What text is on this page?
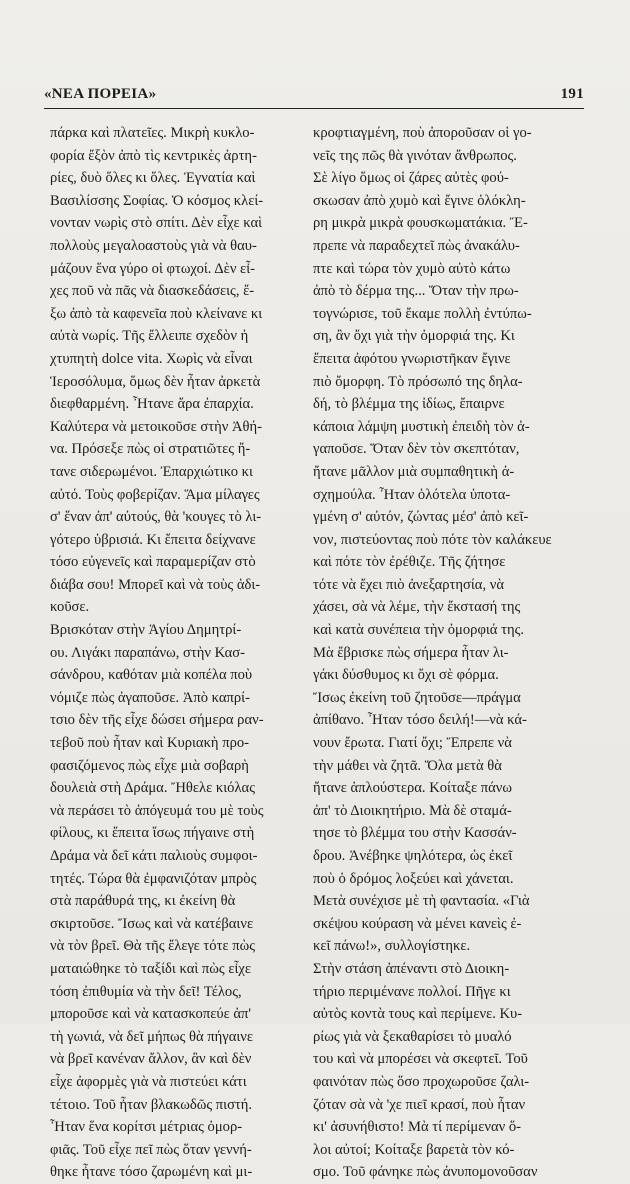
«ΝΕΑ ΠΟΡΕΙΑ»	191
πάρκα καὶ πλατεῖες. Μικρὴ κυκλο-
φορία ἔξὸν ἀπὸ τὶς κεντρικὲς ἀρτη-
ρίες, δυὸ ὅλες κι ὅλες. Ἐγνατία καὶ
Βασιλίσσης Σοφίας. Ὁ κόσμος κλεί-
νονταν νωρὶς στὸ σπίτι. Δὲν εἶχε καὶ
πολλοὺς μεγαλοαστοὺς γιὰ νὰ θαυ-
μάζουν ἕνα γύρο οἱ φτωχοί. Δὲν εἶ-
χες ποῦ νὰ πᾶς νὰ διασκεδάσεις, ἔ-
ξω ἀπὸ τὰ καφενεῖα ποὺ κλείνανε κι
αὐτὰ νωρίς. Τῆς ἔλλειπε σχεδὸν ἡ
χτυπητὴ dolce vita. Χωρὶς νὰ εἶναι
Ἱεροσόλυμα, ὅμως δὲν ἦταν ἀρκετὰ
διεφθαρμένη. Ἦτανε ἄρα ἐπαρχία.
Καλύτερα νὰ μετοικοῦσε στὴν Ἀθή-
να. Πρόσεξε πὼς οἱ στρατιῶτες ἤ-
τανε σιδερωμένοι. Ἐπαρχιώτικο κι
αὐτό. Τοὺς φοβερίζαν. Ἅμα μίλαγες
σ' ἕναν ἀπ' αὐτούς, θὰ 'κουγες τὸ λι-
γότερο ὑβρισιά. Κι ἔπειτα δείχνανε
τόσο εὐγενεῖς καὶ παραμερίζαν στὸ
διάβα σου! Μπορεῖ καὶ νὰ τοὺς ἀδι-
κοῦσε.
Βρισκόταν στὴν Ἁγίου Δημητρί-
ου. Λιγάκι παραπάνω, στὴν Κασ-
σάνδρου, καθόταν μιὰ κοπέλα ποὺ
νόμιζε πὼς ἀγαποῦσε. Ἀπὸ καπρί-
τσιο δὲν τῆς εἶχε δώσει σήμερα ραν-
τεβοῦ ποὺ ἦταν καὶ Κυριακὴ προ-
φασιζόμενος πὼς εἶχε μιὰ σοβαρὴ
δουλειὰ στὴ Δράμα. Ἤθελε κιόλας
νὰ περάσει τὸ ἀπόγευμά του μὲ τοὺς
φίλους, κι ἔπειτα ἴσως πήγαινε στὴ
Δράμα νὰ δεῖ κάτι παλιοὺς συμφοι-
τητές. Τώρα θὰ ἐμφανιζόταν μπρὸς
στὰ παράθυρά της, κι ἐκείνη θὰ
σκιρτοῦσε. Ἴσως καὶ νὰ κατέβαινε
νὰ τὸν βρεῖ. Θὰ τῆς ἔλεγε τότε πὼς
ματαιώθηκε τὸ ταξίδι καὶ πὼς εἶχε
τόση ἐπιθυμία νὰ τὴν δεῖ! Τέλος,
μποροῦσε καὶ νὰ κατασκοπεύε ἀπ'
τὴ γωνιά, νὰ δεῖ μήπως θὰ πήγαινε
νὰ βρεῖ κανέναν ἄλλον, ἂν καὶ δὲν
εἶχε ἀφορμὲς γιὰ νὰ πιστεύει κάτι
τέτοιο. Τοῦ ἦταν βλακωδῶς πιστή.
Ἦταν ἕνα κορίτσι μέτριας ὀμορ-
φιᾶς. Τοῦ εἶχε πεῖ πὼς ὅταν γεννή-
θηκε ἦτανε τόσο ζαρωμένη καὶ μι-
κροφτιαγμένη, ποὺ ἀποροῦσαν οἱ γο-
νεῖς της πῶς θὰ γινόταν ἄνθρωπος.
Σὲ λίγο ὅμως οἱ ζάρες αὐτὲς φού-
σκωσαν ἀπὸ χυμὸ καὶ ἔγινε ὁλόκλη-
ρη μικρὰ μικρὰ φουσκωματάκια. Ἔ-
πρεπε νὰ παραδεχτεῖ πὼς ἀνακάλυ-
πτε καὶ τώρα τὸν χυμὸ αὐτὸ κάτω
ἀπὸ τὸ δέρμα της... Ὅταν τὴν πρω-
τογνώρισε, τοῦ ἔκαμε πολλὴ ἐντύπω-
ση, ἂν ὄχι γιὰ τὴν ὀμορφιά της. Κι
ἔπειτα ἀφότου γνωριστῆκαν ἔγινε
πιὸ ὄμορφη. Τὸ πρόσωπό της δηλα-
δή, τὸ βλέμμα της ἰδίως, ἔπαιρνε
κάποια λάμψη μυστικὴ ἐπειδὴ τὸν ἀ-
γαποῦσε. Ὅταν δὲν τὸν σκεπτόταν,
ἤτανε μᾶλλον μιὰ συμπαθητικὴ ἀ-
σχημούλα. Ἦταν ὁλότελα ὑποτα-
γμένη σ' αὐτόν, ζώντας μέσ' ἀπὸ κεῖ-
νον, πιστεύοντας ποὺ πότε τὸν καλάκευε
καὶ πότε τὸν ἐρέθιζε. Τῆς ζήτησε
τότε νὰ ἔχει πιὸ ἀνεξαρτησία, νὰ
χάσει, σὰ νὰ λέμε, τὴν ἔκστασή της
καὶ κατὰ συνέπεια τὴν ὀμορφιά της.
Μὰ ἔβρισκε πὼς σήμερα ἦταν λι-
γάκι δύσθυμος κι ὄχι σὲ φόρμα.
Ἴσως ἐκείνη τοῦ ζητοῦσε—πράγμα
ἀπίθανο. Ἦταν τόσο δειλή!—νὰ κά-
νουν ἔρωτα. Γιατί ὄχι; Ἔπρεπε νὰ
τὴν μάθει νὰ ζητᾶ. Ὅλα μετὰ θὰ
ἤτανε ἁπλούστερα. Κοίταξε πάνω
ἀπ' τὸ Διοικητήριο. Μὰ δὲ σταμά-
τησε τὸ βλέμμα του στὴν Κασσάν-
δρου. Ἀνέβηκε ψηλότερα, ὡς ἐκεῖ
ποὺ ὁ δρόμος λοξεύει καὶ χάνεται.
Μετὰ συνέχισε μὲ τὴ φαντασία. «Γιὰ
σκέψου κούραση νὰ μένει κανεὶς ἐ-
κεῖ πάνω!», συλλογίστηκε.
Στὴν στάση ἀπέναντι στὸ Διοικη-
τήριο περιμένανε πολλοί. Πῆγε κι
αὐτὸς κοντὰ τους καὶ περίμενε. Κυ-
ρίως γιὰ νὰ ξεκαθαρίσει τὸ μυαλό
του καὶ νὰ μπορέσει νὰ σκεφτεῖ. Τοῦ
φαινόταν πὼς ὅσο προχωροῦσε ζαλι-
ζόταν σὰ νὰ 'χε πιεῖ κρασί, ποὺ ἦταν
κι' ἀσυνήθιστο! Μὰ τί περίμεναν ὅ-
λοι αὐτοί; Κοίταξε βαρετὰ τὸν κό-
σμο. Τοῦ φάνηκε πὼς ἀνυπομονοῦσαν
